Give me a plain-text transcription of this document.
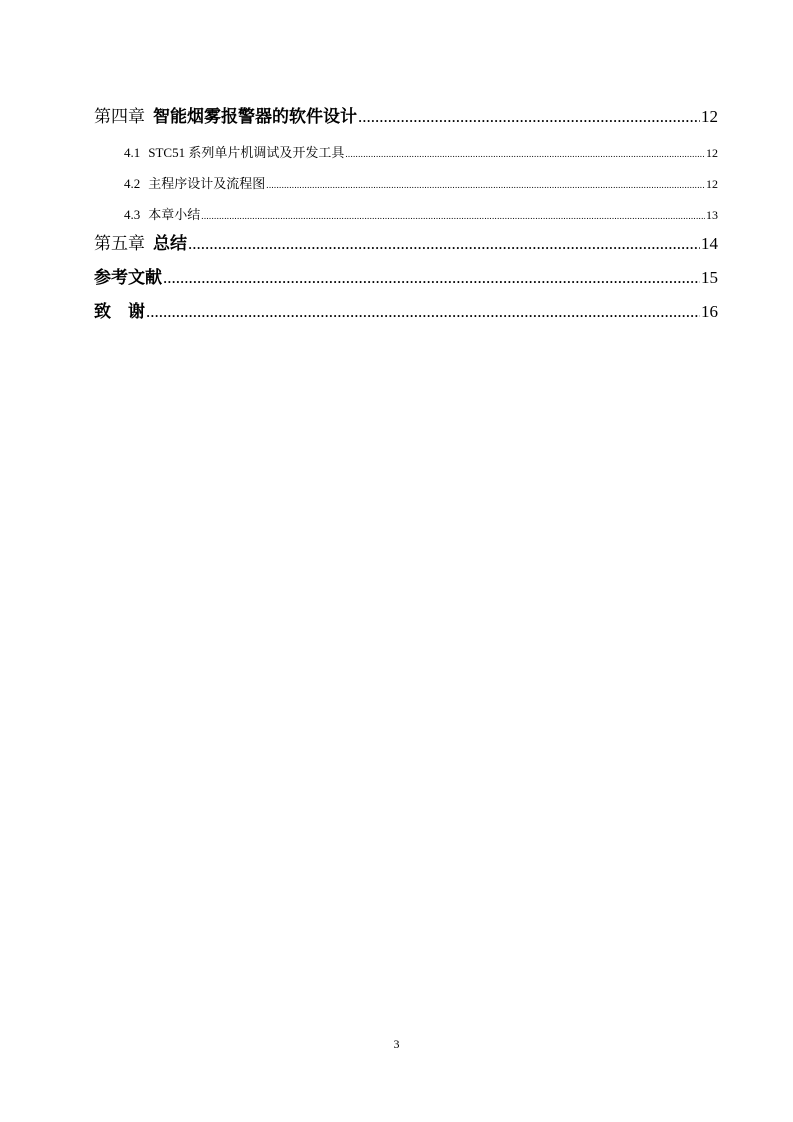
第四章 智能烟雾报警器的软件设计 .....	12
4.1 STC51 系列单片机调试及开发工具 .....	12
4.2 主程序设计及流程图 .....	12
4.3 本章小结 .....	13
第五章 总结 .....	14
参考文献 .....	15
致　谢 .....	16
3
